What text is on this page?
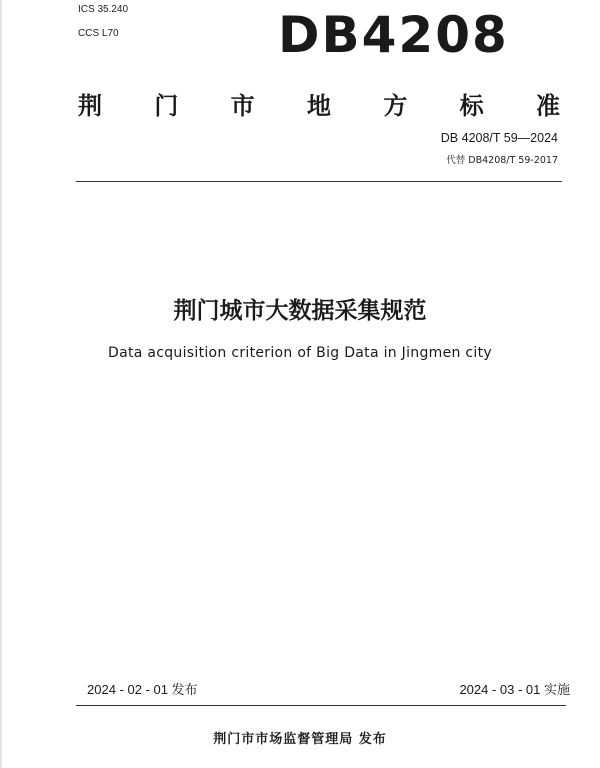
ICS 35.240
CCS L70	DB4208
荆 门 市 地 方 标 准
DB 4208/T 59—2024
代替 DB4208/T 59-2017
荆门城市大数据采集规范
Data acquisition criterion of Big Data in Jingmen city
2024 - 02 - 01 发布	2024 - 03 - 01 实施
荆门市市场监督管理局 发布
